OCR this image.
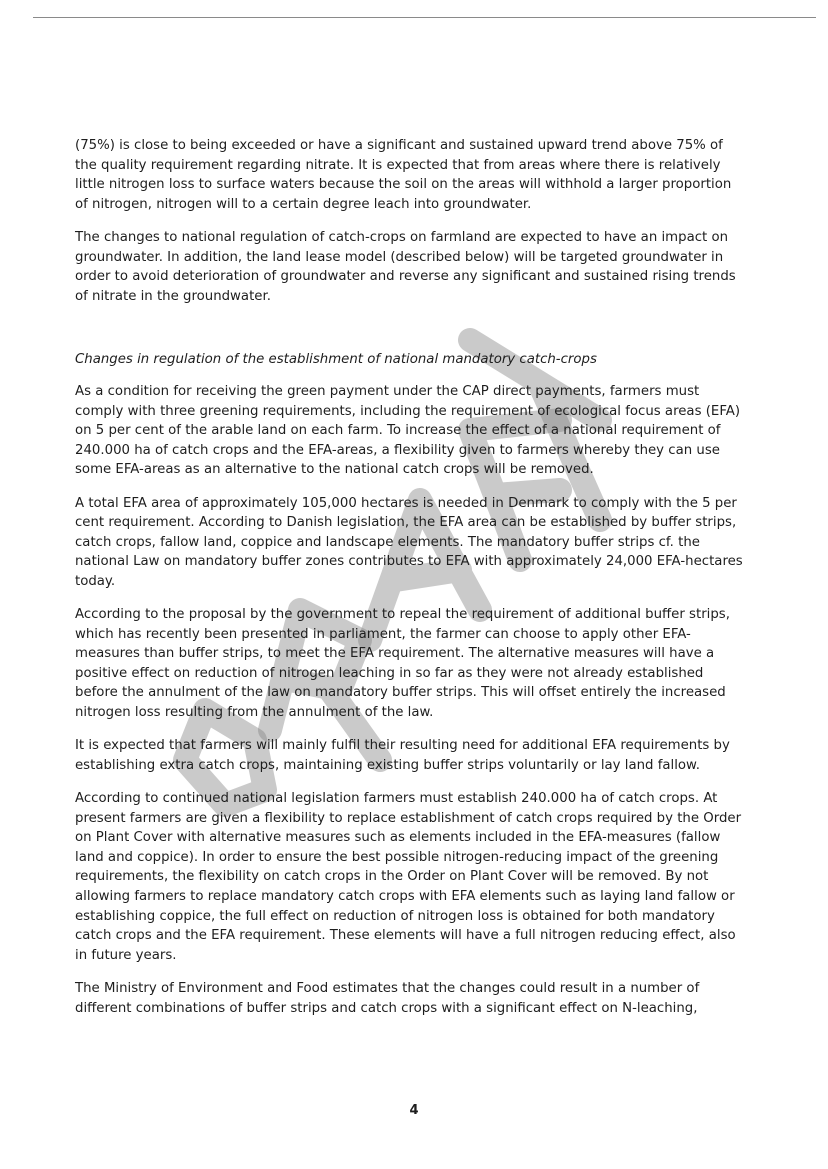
(75%) is close to being exceeded or have a significant and sustained upward trend above 75% of the quality requirement regarding nitrate. It is expected that from areas where there is relatively little nitrogen loss to surface waters because the soil on the areas will withhold a larger proportion of nitrogen, nitrogen will to a certain degree leach into groundwater.

The changes to national regulation of catch-crops on farmland are expected to have an impact on groundwater. In addition, the land lease model (described below) will be targeted groundwater in order to avoid deterioration of groundwater and reverse any significant and sustained rising trends of nitrate in the groundwater.

Changes in regulation of the establishment of national mandatory catch-crops

As a condition for receiving the green payment under the CAP direct payments, farmers must comply with three greening requirements, including the requirement of ecological focus areas (EFA) on 5 per cent of the arable land on each farm. To increase the effect of a national requirement of 240.000 ha of catch crops and the EFA-areas, a flexibility given to farmers whereby they can use some EFA-areas as an alternative to the national catch crops will be removed.

A total EFA area of approximately 105,000 hectares is needed in Denmark to comply with the 5 per cent requirement. According to Danish legislation, the EFA area can be established by buffer strips, catch crops, fallow land, coppice and landscape elements. The mandatory buffer strips cf. the national Law on mandatory buffer zones contributes to EFA with approximately 24,000 EFA-hectares today.

According to the proposal by the government to repeal the requirement of additional buffer strips, which has recently been presented in parliament, the farmer can choose to apply other EFA-measures than buffer strips, to meet the EFA requirement. The alternative measures will have a positive effect on reduction of nitrogen leaching in so far as they were not already established before the annulment of the law on mandatory buffer strips. This will offset entirely the increased nitrogen loss resulting from the annulment of the law.

It is expected that farmers will mainly fulfil their resulting need for additional EFA requirements by establishing extra catch crops, maintaining existing buffer strips voluntarily or lay land fallow.

According to continued national legislation farmers must establish 240.000 ha of catch crops. At present farmers are given a flexibility to replace establishment of catch crops required by the Order on Plant Cover with alternative measures such as elements included in the EFA-measures (fallow land and coppice). In order to ensure the best possible nitrogen-reducing impact of the greening requirements, the flexibility on catch crops in the Order on Plant Cover will be removed. By not allowing farmers to replace mandatory catch crops with EFA elements such as laying land fallow or establishing coppice, the full effect on reduction of nitrogen loss is obtained for both mandatory catch crops and the EFA requirement. These elements will have a full nitrogen reducing effect, also in future years.

The Ministry of Environment and Food estimates that the changes could result in a number of different combinations of buffer strips and catch crops with a significant effect on N-leaching,

4
